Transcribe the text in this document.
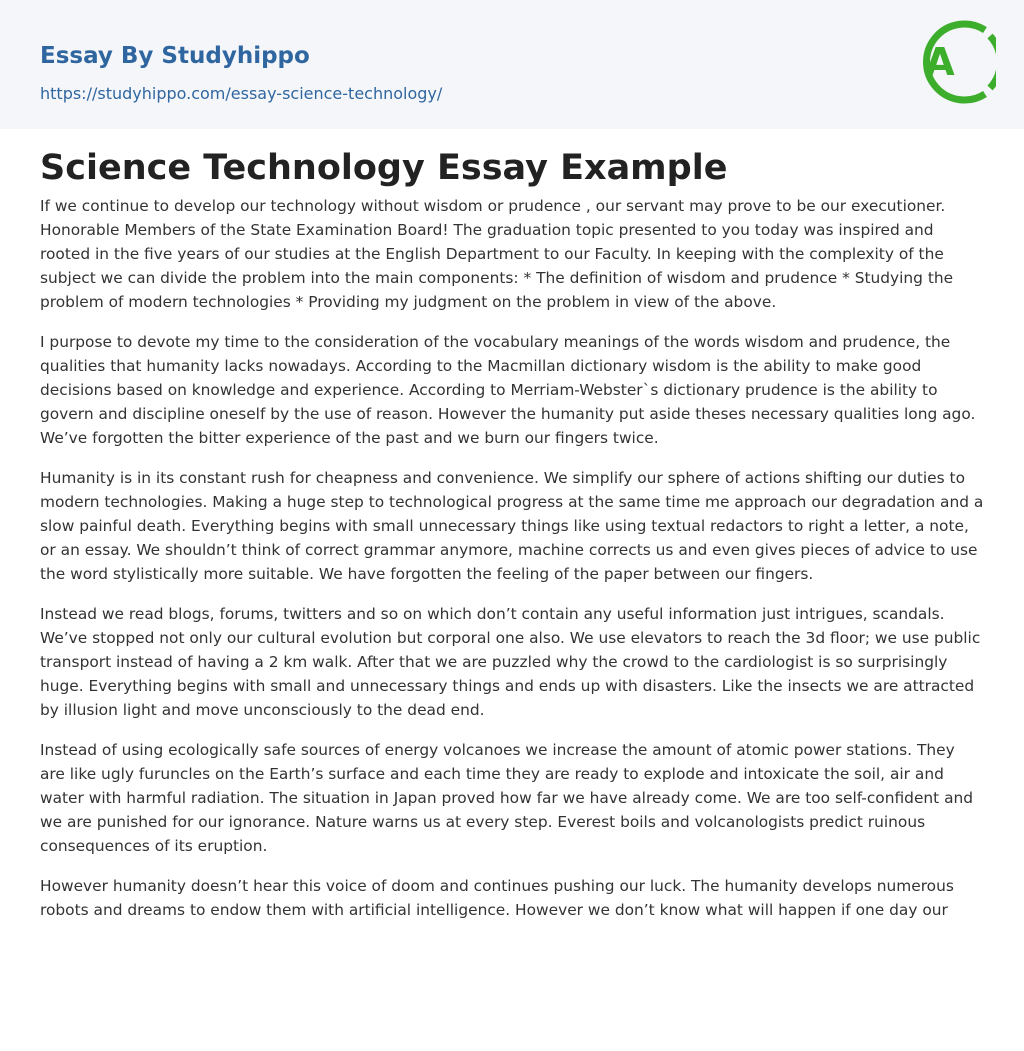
Essay By Studyhippo
https://studyhippo.com/essay-science-technology/
A
Science Technology Essay Example

If we continue to develop our technology without wisdom or prudence , our servant may prove to be our executioner. Honorable Members of the State Examination Board! The graduation topic presented to you today was inspired and rooted in the five years of our studies at the English Department to our Faculty. In keeping with the complexity of the subject we can divide the problem into the main components: * The definition of wisdom and prudence * Studying the problem of modern technologies * Providing my judgment on the problem in view of the above.

I purpose to devote my time to the consideration of the vocabulary meanings of the words wisdom and prudence, the qualities that humanity lacks nowadays. According to the Macmillan dictionary wisdom is the ability to make good decisions based on knowledge and experience. According to Merriam-Webster`s dictionary prudence is the ability to govern and discipline oneself by the use of reason. However the humanity put aside theses necessary qualities long ago. We’ve forgotten the bitter experience of the past and we burn our fingers twice.

Humanity is in its constant rush for cheapness and convenience. We simplify our sphere of actions shifting our duties to modern technologies. Making a huge step to technological progress at the same time me approach our degradation and a slow painful death. Everything begins with small unnecessary things like using textual redactors to right a letter, a note, or an essay. We shouldn’t think of correct grammar anymore, machine corrects us and even gives pieces of advice to use the word stylistically more suitable. We have forgotten the feeling of the paper between our fingers.

Instead we read blogs, forums, twitters and so on which don’t contain any useful information just intrigues, scandals. We’ve stopped not only our cultural evolution but corporal one also. We use elevators to reach the 3d floor; we use public transport instead of having a 2 km walk. After that we are puzzled why the crowd to the cardiologist is so surprisingly huge. Everything begins with small and unnecessary things and ends up with disasters. Like the insects we are attracted by illusion light and move unconsciously to the dead end.

Instead of using ecologically safe sources of energy volcanoes we increase the amount of atomic power stations. They are like ugly furuncles on the Earth’s surface and each time they are ready to explode and intoxicate the soil, air and water with harmful radiation. The situation in Japan proved how far we have already come. We are too self-confident and we are punished for our ignorance. Nature warns us at every step. Everest boils and volcanologists predict ruinous consequences of its eruption.

However humanity doesn’t hear this voice of doom and continues pushing our luck. The humanity develops numerous robots and dreams to endow them with artificial intelligence. However we don’t know what will happen if one day our
